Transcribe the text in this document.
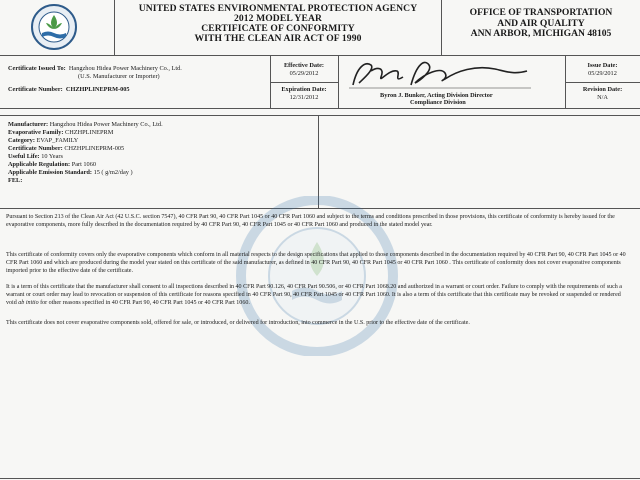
UNITED STATES ENVIRONMENTAL PROTECTION AGENCY
2012 MODEL YEAR
CERTIFICATE OF CONFORMITY
WITH THE CLEAN AIR ACT OF 1990
OFFICE OF TRANSPORTATION
AND AIR QUALITY
ANN ARBOR, MICHIGAN 48105
Certificate Issued To: Hangzhou Hidea Power Machinery Co., Ltd.
(U.S. Manufacturer or Importer)
Certificate Number: CHZHPLINEPRM-005
Effective Date:
05/29/2012
Expiration Date:
12/31/2012	Byron J. Bunker, Acting Division Director
Compliance Division
Issue Date:
05/29/2012
Revision Date:
N/A
Manufacturer: Hangzhou Hidea Power Machinery Co., Ltd.
Evaporative Family: CHZHPLINEPRM
Category: EVAP_FAMILY
Certificate Number: CHZHPLINEPRM-005
Useful Life: 10 Years
Applicable Regulation: Part 1060
Applicable Emission Standard: 15 ( g/m2/day )
FEL:
Pursuant to Section 213 of the Clean Air Act (42 U.S.C. section 7547), 40 CFR Part 90, 40 CFR Part 1045 or 40 CFR Part 1060 and subject to the terms and conditions prescribed in those provisions, this certificate of conformity is hereby issued for the evaporative components, more fully described in the documentation required by 40 CFR Part 90, 40 CFR Part 1045 or 40 CFR Part 1060 and produced in the stated model year.
This certificate of conformity covers only the evaporative components which conform in all material respects to the design specifications that applied to those components described in the documentation required by 40 CFR Part 90, 40 CFR Part 1045 or 40 CFR Part 1060 and which are produced during the model year stated on this certificate of the said manufacturer, as defined in 40 CFR Part 90, 40 CFR Part 1045 or 40 CFR Part 1060 . This certificate of conformity does not cover evaporative components imported prior to the effective date of the certificate.
It is a term of this certificate that the manufacturer shall consent to all inspections described in 40 CFR Part 90.126, 40 CFR Part 90.506, or 40 CFR Part 1068.20 and authorized in a warrant or court order. Failure to comply with the requirements of such a warrant or court order may lead to revocation or suspension of this certificate for reasons specified in 40 CFR Part 90, 40 CFR Part 1045 or 40 CFR Part 1060. It is also a term of this certificate that this certificate may be revoked or suspended or rendered void ab initio for other reasons specified in 40 CFR Part 90, 40 CFR Part 1045 or 40 CFR Part 1060.
This certificate does not cover evaporative components sold, offered for sale, or introduced, or delivered for introduction, into commerce in the U.S. prior to the effective date of the certificate.
